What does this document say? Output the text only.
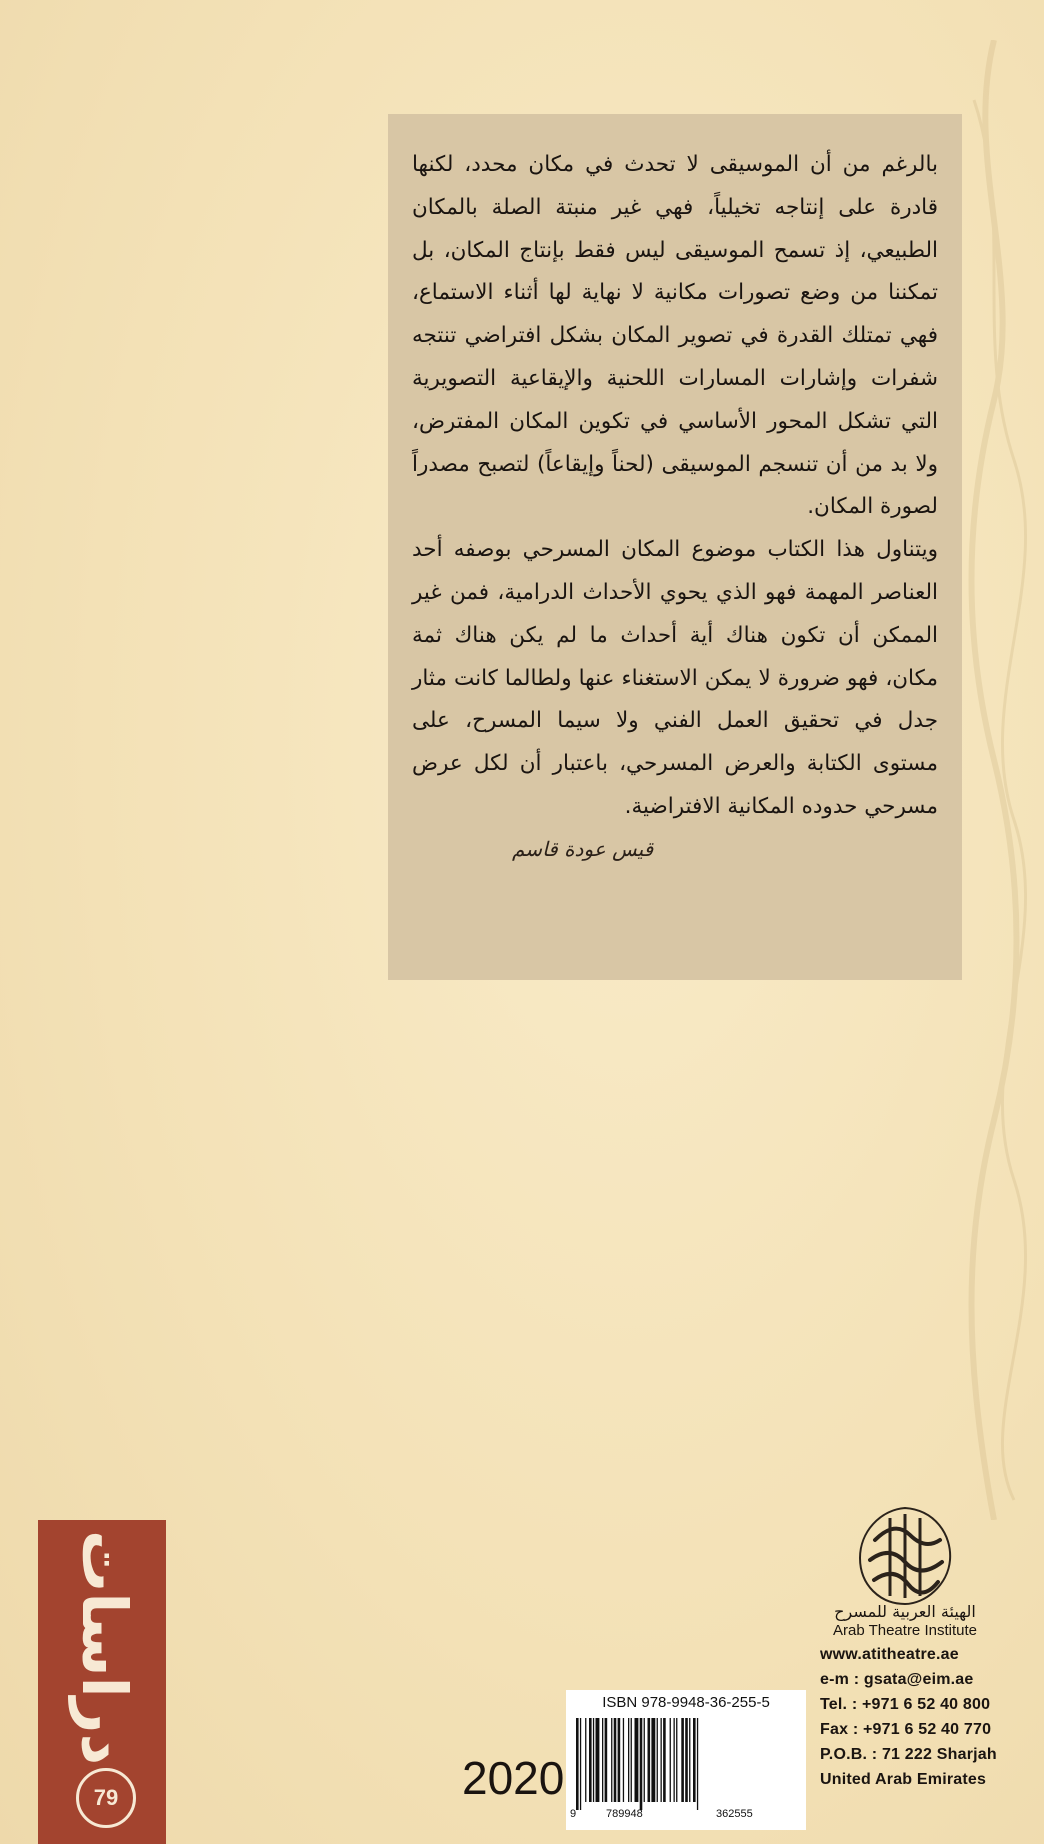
بالرغم من أن الموسيقى لا تحدث في مكان محدد، لكنها قادرة على إنتاجه تخيلياً، فهي غير منبتة الصلة بالمكان الطبيعي، إذ تسمح الموسيقى ليس فقط بإنتاج المكان، بل تمكننا من وضع تصورات مكانية لا نهاية لها أثناء الاستماع، فهي تمتلك القدرة في تصوير المكان بشكل افتراضي تنتجه شفرات وإشارات المسارات اللحنية والإيقاعية التصويرية التي تشكل المحور الأساسي في تكوين المكان المفترض، ولا بد من أن تنسجم الموسيقى (لحناً وإيقاعاً) لتصبح مصدراً لصورة المكان.

ويتناول هذا الكتاب موضوع المكان المسرحي بوصفه أحد العناصر المهمة فهو الذي يحوي الأحداث الدرامية، فمن غير الممكن أن تكون هناك أية أحداث ما لم يكن هناك ثمة مكان، فهو ضرورة لا يمكن الاستغناء عنها ولطالما كانت مثار جدل في تحقيق العمل الفني ولا سيما المسرح، على مستوى الكتابة والعرض المسرحي، باعتبار أن لكل عرض مسرحي حدوده المكانية الافتراضية.

قيس عودة قاسم
دراسات
79	2020
ISBN 978-9948-36-255-5
9	789948	362555
الهيئة العربية للمسرح
Arab Theatre Institute
www.atitheatre.ae
e-m : gsata@eim.ae
Tel. : +971 6 52 40 800
Fax : +971 6 52 40 770
P.O.B. : 71 222 Sharjah
United Arab Emirates
